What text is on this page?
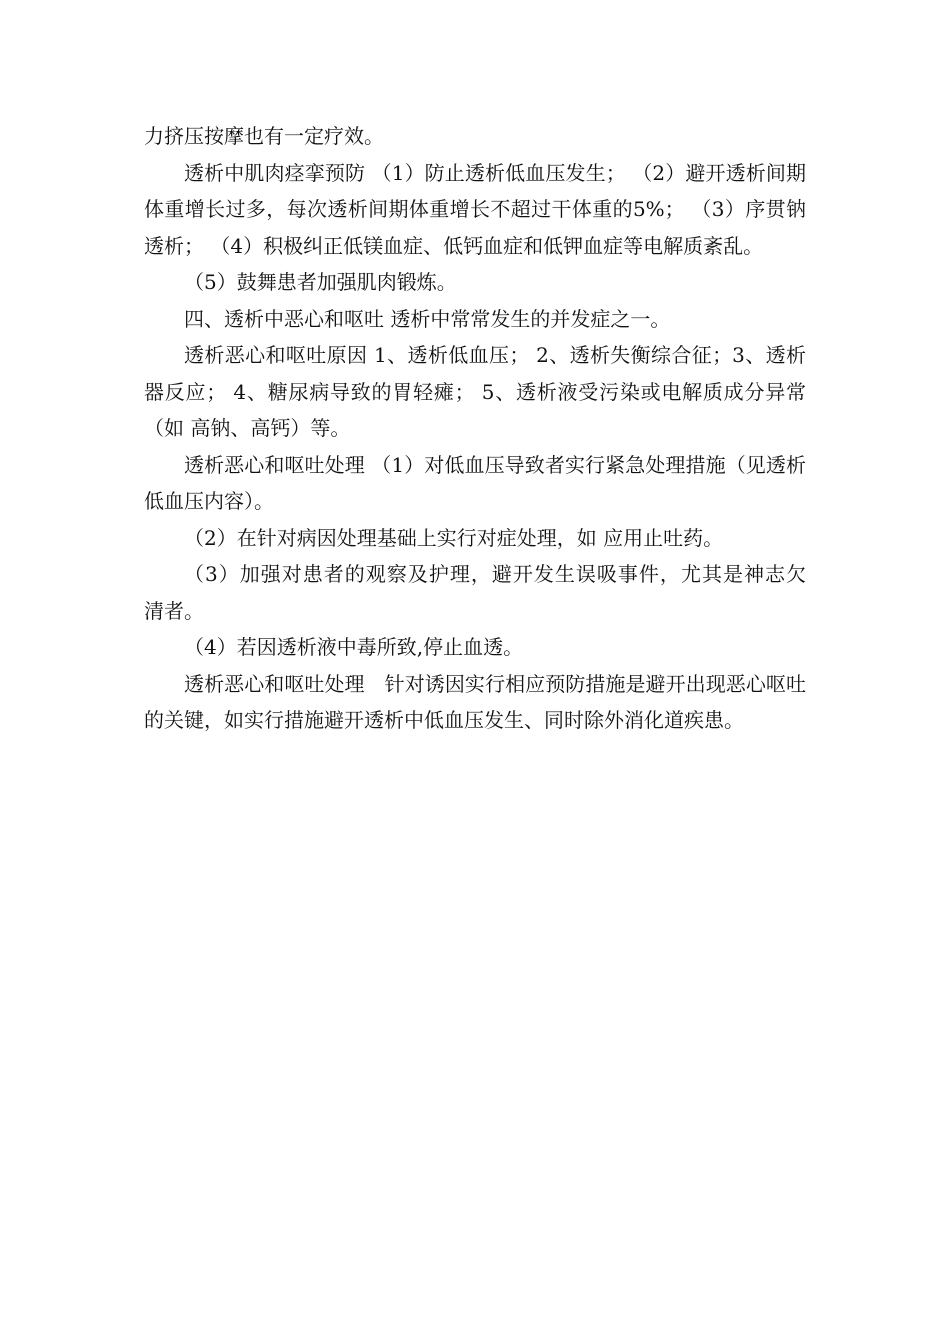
力挤压按摩也有一定疗效。

透析中肌肉痉挛预防 （1）防止透析低血压发生； （2）避开透析间期体重增长过多，每次透析间期体重增长不超过干体重的5%； （3）序贯钠透析； （4）积极纠正低镁血症、低钙血症和低钾血症等电解质紊乱。

（5）鼓舞患者加强肌肉锻炼。

四、透析中恶心和呕吐 透析中常常发生的并发症之一。

透析恶心和呕吐原因 1、透析低血压； 2、透析失衡综合征；3、透析器反应； 4、糖尿病导致的胃轻瘫； 5、透析液受污染或电解质成分异常（如 高钠、高钙）等。

透析恶心和呕吐处理 （1）对低血压导致者实行紧急处理措施（见透析低血压内容）。

（2）在针对病因处理基础上实行对症处理，如 应用止吐药。

（3）加强对患者的观察及护理，避开发生误吸事件，尤其是神志欠　清者。

（4）若因透析液中毒所致,停止血透。

透析恶心和呕吐处理　针对诱因实行相应预防措施是避开出现恶心呕吐的关键，如实行措施避开透析中低血压发生、同时除外消化道疾患。
